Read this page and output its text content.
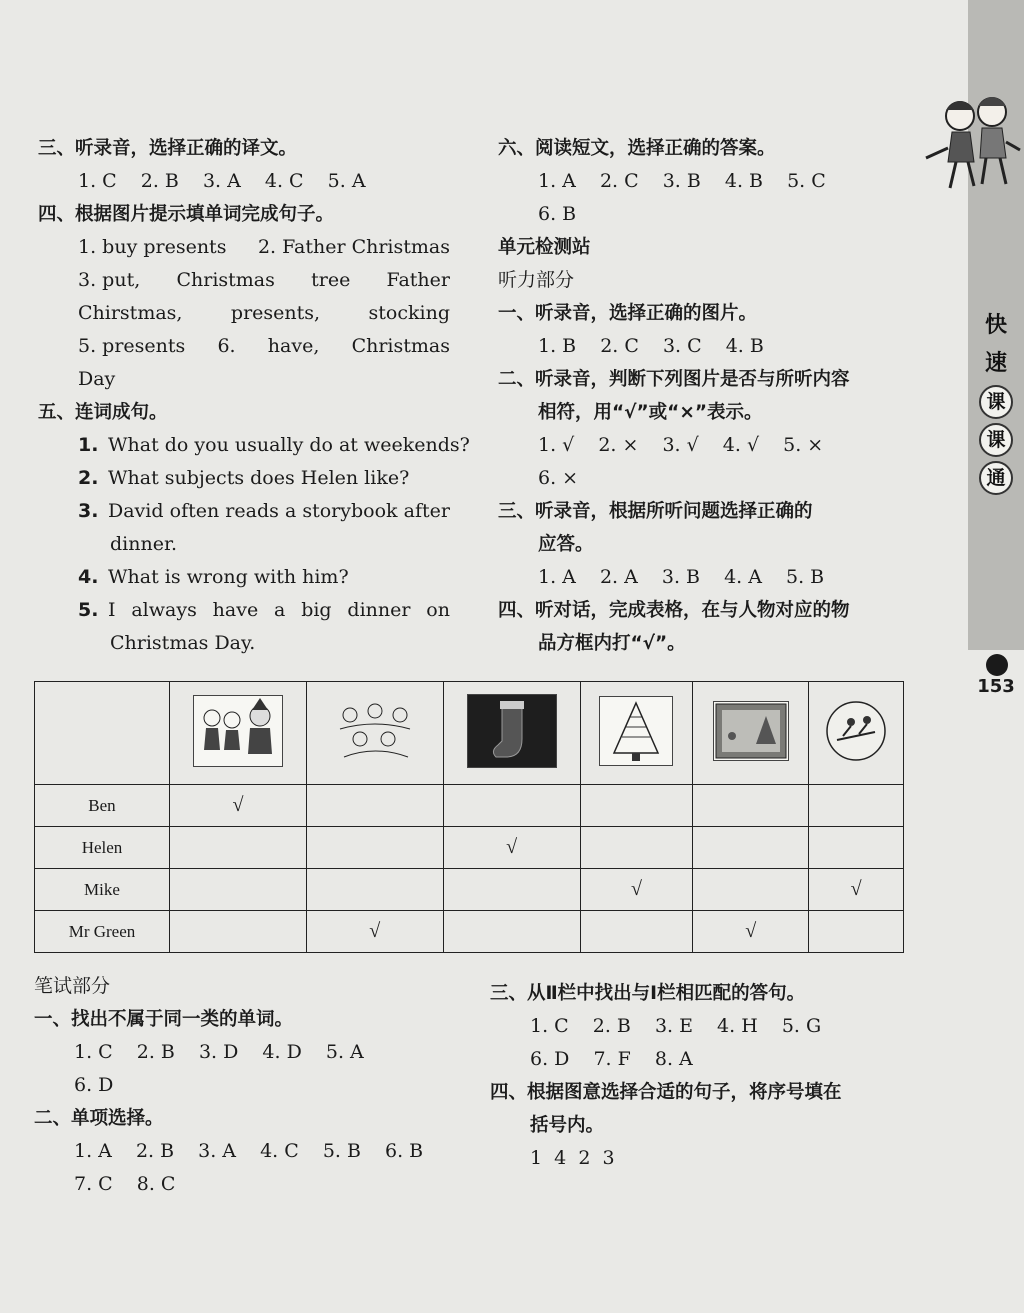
快
速
课
课
通
153
三、听录音，选择正确的译文。
1. C 2. B 3. A 4. C 5. A
四、根据图片提示填单词完成句子。
1. buy presents 2. Father Christmas
3. put, Christmas tree Father
Chirstmas,	presents,	stocking
5. presents 6. have, Christmas
Day
五、连词成句。
1. What do you usually do at weekends?
2. What subjects does Helen like?
3. David often reads a storybook after
dinner.
4. What is wrong with him?
5. I always have a big dinner on
Christmas Day.
六、阅读短文，选择正确的答案。
1. A 2. C 3. B 4. B 5. C
6. B
单元检测站
听力部分
一、听录音，选择正确的图片。
1. B 2. C 3. C 4. B
二、听录音，判断下列图片是否与所听内容
相符，用“√”或“×”表示。
1. √ 2. × 3. √ 4. √ 5. ×
6. ×
三、听录音，根据所听问题选择正确的
应答。
1. A 2. A 3. B 4. A 5. B
四、听对话，完成表格，在与人物对应的物
品方框内打“√”。

Ben	√					
Helen			√			
Mike				√		√
Mr Green		√			√	
笔试部分
一、找出不属于同一类的单词。
1. C 2. B 3. D 4. D 5. A
6. D
二、单项选择。
1. A 2. B 3. A 4. C 5. B 6. B
7. C 8. C
三、从Ⅱ栏中找出与Ⅰ栏相匹配的答句。
1. C 2. B 3. E 4. H 5. G
6. D 7. F 8. A
四、根据图意选择合适的句子，将序号填在
括号内。
1  4  2  3
